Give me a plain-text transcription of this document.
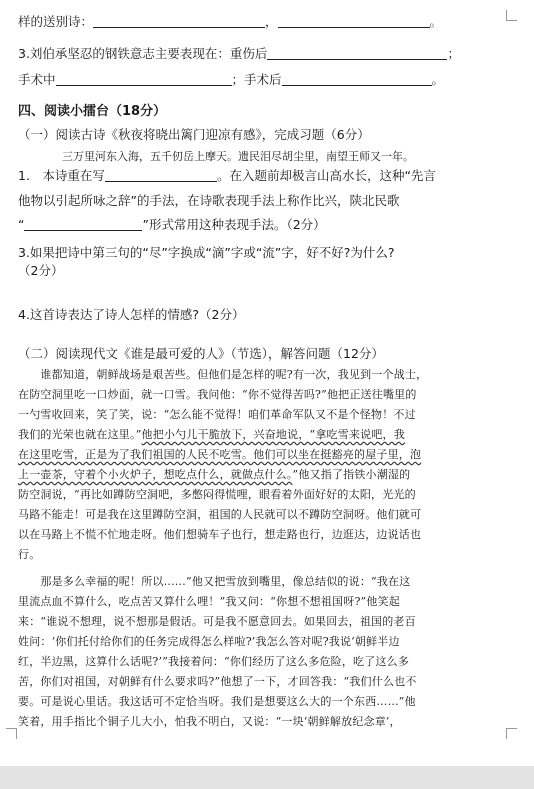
样的送别诗：	，	。
3.刘伯承坚忍的钢铁意志主要表现在：重伤后	；
手术中	；手术后	。
四、阅读小擂台（18分）
（一）阅读古诗《秋夜将晓出篱门迎凉有感》，完成习题（6分）
三万里河东入海，五千仞岳上摩天。遗民泪尽胡尘里，南望王师又一年。
1.　本诗重在写	。在入题前却极言山高水长，这种“先言
他物以引起所咏之辞”的手法，在诗歌表现手法上称作比兴，陕北民歌
“	”形式常用这种表现手法。（2分）
3.如果把诗中第三句的“尽”字换成“滴”字或“流”字，好不好?为什么?
（2分）
4.这首诗表达了诗人怎样的情感?（2分）
（二）阅读现代文《谁是最可爱的人》（节选），解答问题（12分）
　　谁都知道，朝鲜战场是艰苦些。但他们是怎样的呢?有一次，我见到一个战士，
在防空洞里吃一口炒面，就一口雪。我问他：“你不觉得苦吗?”他把正送往嘴里的
一勺雪收回来，笑了笑，说：“怎么能不觉得！咱们革命军队又不是个怪物！不过
我们的光荣也就在这里。”他把小勺儿干脆放下，兴奋地说，“拿吃雪来说吧，我
在这里吃雪，正是为了我们祖国的人民不吃雪。他们可以坐在挺豁亮的屋子里，泡
上一壶茶，守着个小火炉子，想吃点什么，就做点什么。”他又指了指铁小潮湿的
防空洞说，“再比如蹲防空洞吧，多憋闷得慌哩，眼看着外面好好的太阳，光光的
马路不能走！可是我在这里蹲防空洞，祖国的人民就可以不蹲防空洞呀。他们就可
以在马路上不慌不忙地走呀。他们想骑车子也行，想走路也行，边逛达，边说话也
行。
　　那是多么幸福的呢！所以……”他又把雪放到嘴里，像总结似的说：“我在这
里流点血不算什么，吃点苦又算什么哩！”我又问：“你想不想祖国呀?”他笑起
来：“谁说不想理，说不想那是假话。可是我不愿意回去。如果回去，祖国的老百
姓问：‘你们托付给你们的任务完成得怎么样啦?’我怎么答对呢?我说‘朝鲜半边
红，半边黑，这算什么话呢?’”我接着问：“你们经历了这么多危险，吃了这么多
苦，你们对祖国，对朝鲜有什么要求吗?”他想了一下，才回答我：“我们什么也不
要。可是说心里话。我这话可不定恰当呀。我们是想要这么大的一个东西……”他
笑着，用手指比个铜子儿大小，怕我不明白，又说：“一块‘朝鲜解放纪念章’，
